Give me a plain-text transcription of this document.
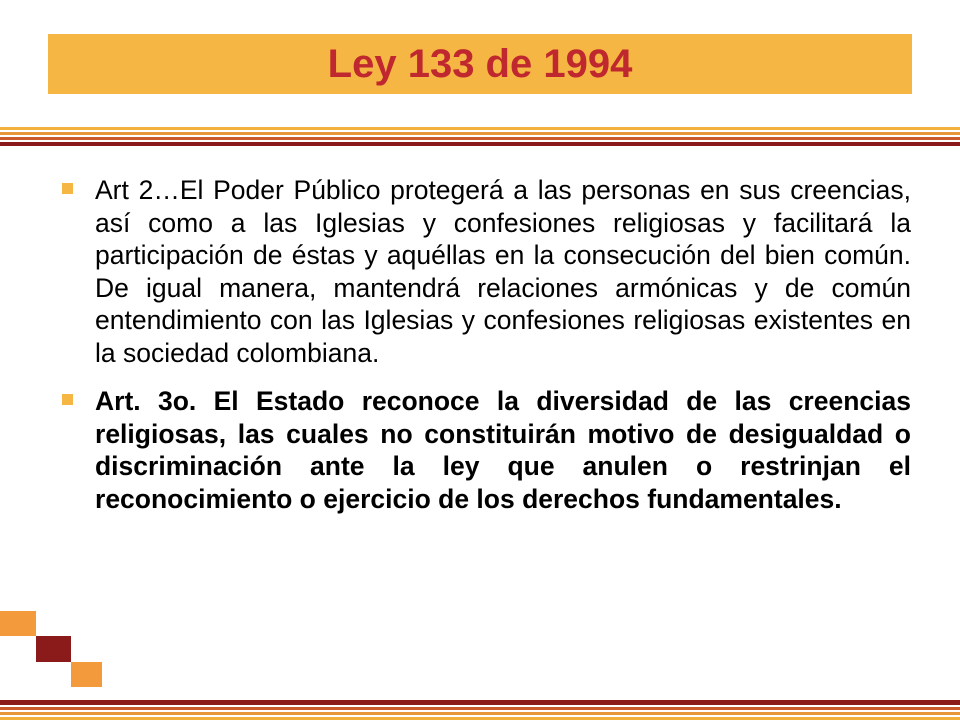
Ley 133 de 1994

Art 2…El Poder Público protegerá a las personas en sus creencias, así como a las Iglesias y confesiones religiosas y facilitará la participación de éstas y aquéllas en la consecución del bien común. De igual manera, mantendrá relaciones armónicas y de común entendimiento con las Iglesias y confesiones religiosas existentes en la sociedad colombiana.

Art. 3o. El Estado reconoce la diversidad de las creencias religiosas, las cuales no constituirán motivo de desigualdad o discriminación ante la ley que anulen o restrinjan el reconocimiento o ejercicio de los derechos fundamentales.
